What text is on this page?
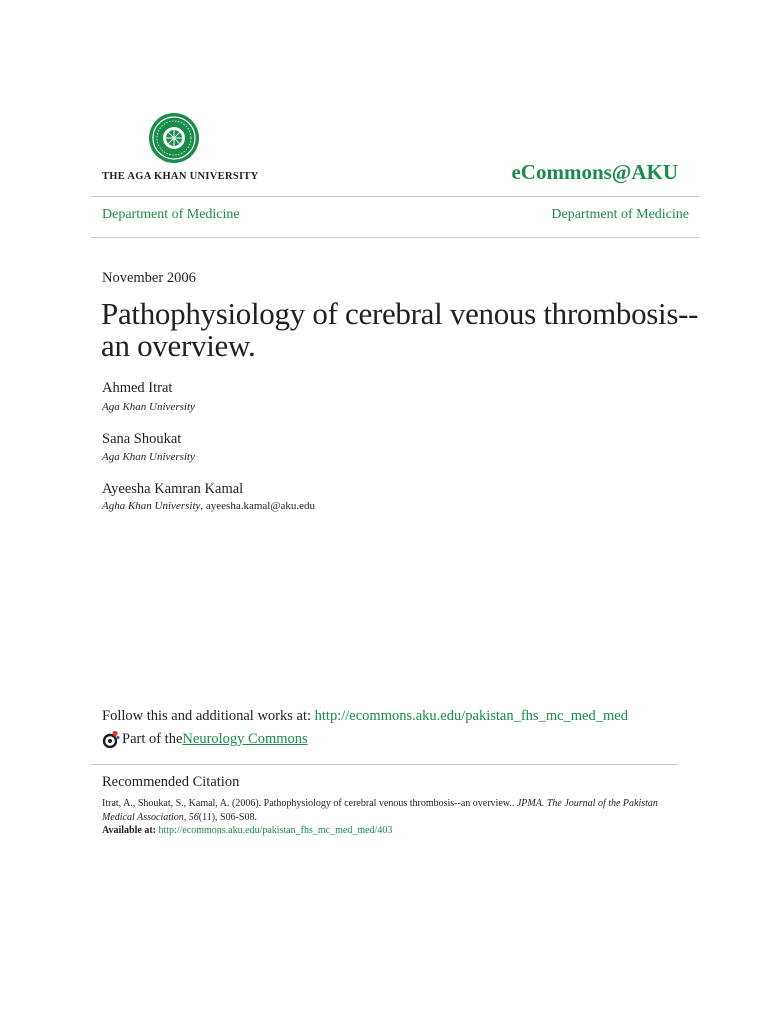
THE AGA KHAN UNIVERSITY	eCommons@AKU
Department of Medicine	Department of Medicine
November 2006
Pathophysiology of cerebral venous thrombosis--an overview.
Ahmed Itrat
Aga Khan University
Sana Shoukat
Aga Khan University
Ayeesha Kamran Kamal
Agha Khan University, ayeesha.kamal@aku.edu
Follow this and additional works at: http://ecommons.aku.edu/pakistan_fhs_mc_med_med
Part of the Neurology Commons
Recommended Citation
Itrat, A., Shoukat, S., Kamal, A. (2006). Pathophysiology of cerebral venous thrombosis--an overview.. JPMA. The Journal of the Pakistan Medical Association, 56(11), S06-S08.
Available at: http://ecommons.aku.edu/pakistan_fhs_mc_med_med/403
